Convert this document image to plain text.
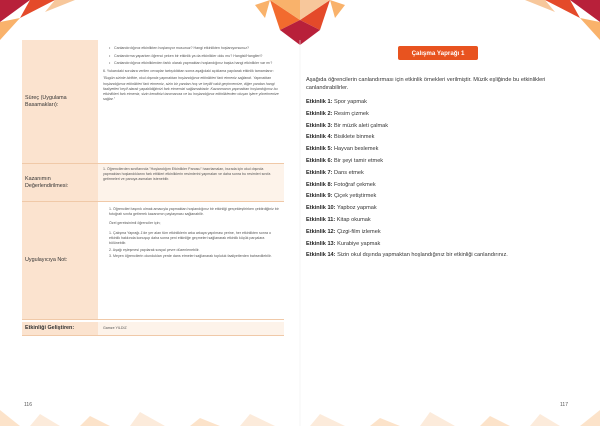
Süreç (Uygulama Basamakları):
• Canlandırdığınız etkinlikten hoşlanıyor musunuz? Hangi etkinlikten hoşlanıyorsunuz?
• Canlandırma yaparken öğrenci yeken bir etkinlik ya da etkinlikler oldu mu? Hangisi/Hangileri?
• Canlandırdığınız etkinliklerden farklı olarak yapmaktan hoşlandığınız başka hangi etkinlikler var mı?

6. Yukarıdaki sorulara verilen cevaplar tartışıldıktan sonra aşağıdaki açıklama yapılarak etkinlik tamamlanır:

"Bugün sizinle birlikte, okul dışında yapmaktan hoşlandığınız etkinlikleri fark etmeniz sağlandı. Yapmaktan hoşlandığımız etkinlikleri fark etmemiz, sizin bir yandan hoş ve keyifli vakit geçirmemize, diğer yandan hangi faaliyetleri keyif alarak yapabildiğimizi fark etmemizi sağlamaktadır. Kazanmanın yapmaktan hoşlandığımız bu etkinlikleri fark etmeniz, sizin kendinizi tanımanıza ve bu hoşlandığınız etkinliklerden oluşan işlere yönelmenize sağlar."

Kazanımın Değerlendirilmesi:
1. Öğrencilerden sınıflarında "Hoşlandığım Etkinlikler Panosu" hazırlamaları, burada için okul dışında yapmaktan hoşlandıklarını fark ettikleri etkinliklerin resimlerini yapmaları ve daha sonra bu resimleri sınıfa getirmeleri ve panoya asmaları istenebilir.
Uygulayıcıya Not:
1. Öğrencileri taşınık olmak amacıyla yapmaktan hoşlandığınız bir etkinliği gerçekleştirirken çektirdiğiniz bir fotoğrafı sınıfa getirerek kazanımın paylaşması sağlanabilir.
Özel gereksinimli öğrenciler için;
1. Çalışma Yaprağı-1'de yer alan tüm etkinliklerin arka arkaya yapılması yerine, her etkinlikten sonra o etkinlik hakkında konuşup daha sonra yeni etkinliğe geçmeleri sağlanarak etkinlik küçük parçalara bölünebilir.
2. Aşağı eşleşmesi yapılarak sosyal çevre düzenlenebilir.
3. Meyen öğrencilerin olundukları yerde dans etmeleri sağlanarak topluluk faaliyetlerden bahsedilebilir.
Etkinliği Geliştiren:	Gamze YILDIZ
116
Çalışma Yaprağı 1

Aşağıda öğrencilerin canlandırması için etkinlik örnekleri verilmiştir. Müzik eşliğinde bu etkinlikleri canlandırabilirler.

Etkinlik 1: Spor yapmak
Etkinlik 2: Resim çizmek
Etkinlik 3: Bir müzik aleti çalmak
Etkinlik 4: Bisiklete binmek
Etkinlik 5: Hayvan beslemek
Etkinlik 6: Bir şeyi tamir etmek
Etkinlik 7: Dans etmek
Etkinlik 8: Fotoğraf çekmek
Etkinlik 9: Çiçek yetiştirmek
Etkinlik 10: Yapboz yapmak
Etkinlik 11: Kitap okumak
Etkinlik 12: Çizgi-film izlemek
Etkinlik 13: Kurabiye yapmak
Etkinlik 14: Sizin okul dışında yapmaktan hoşlandığınız bir etkinliği canlandırınız.
117
